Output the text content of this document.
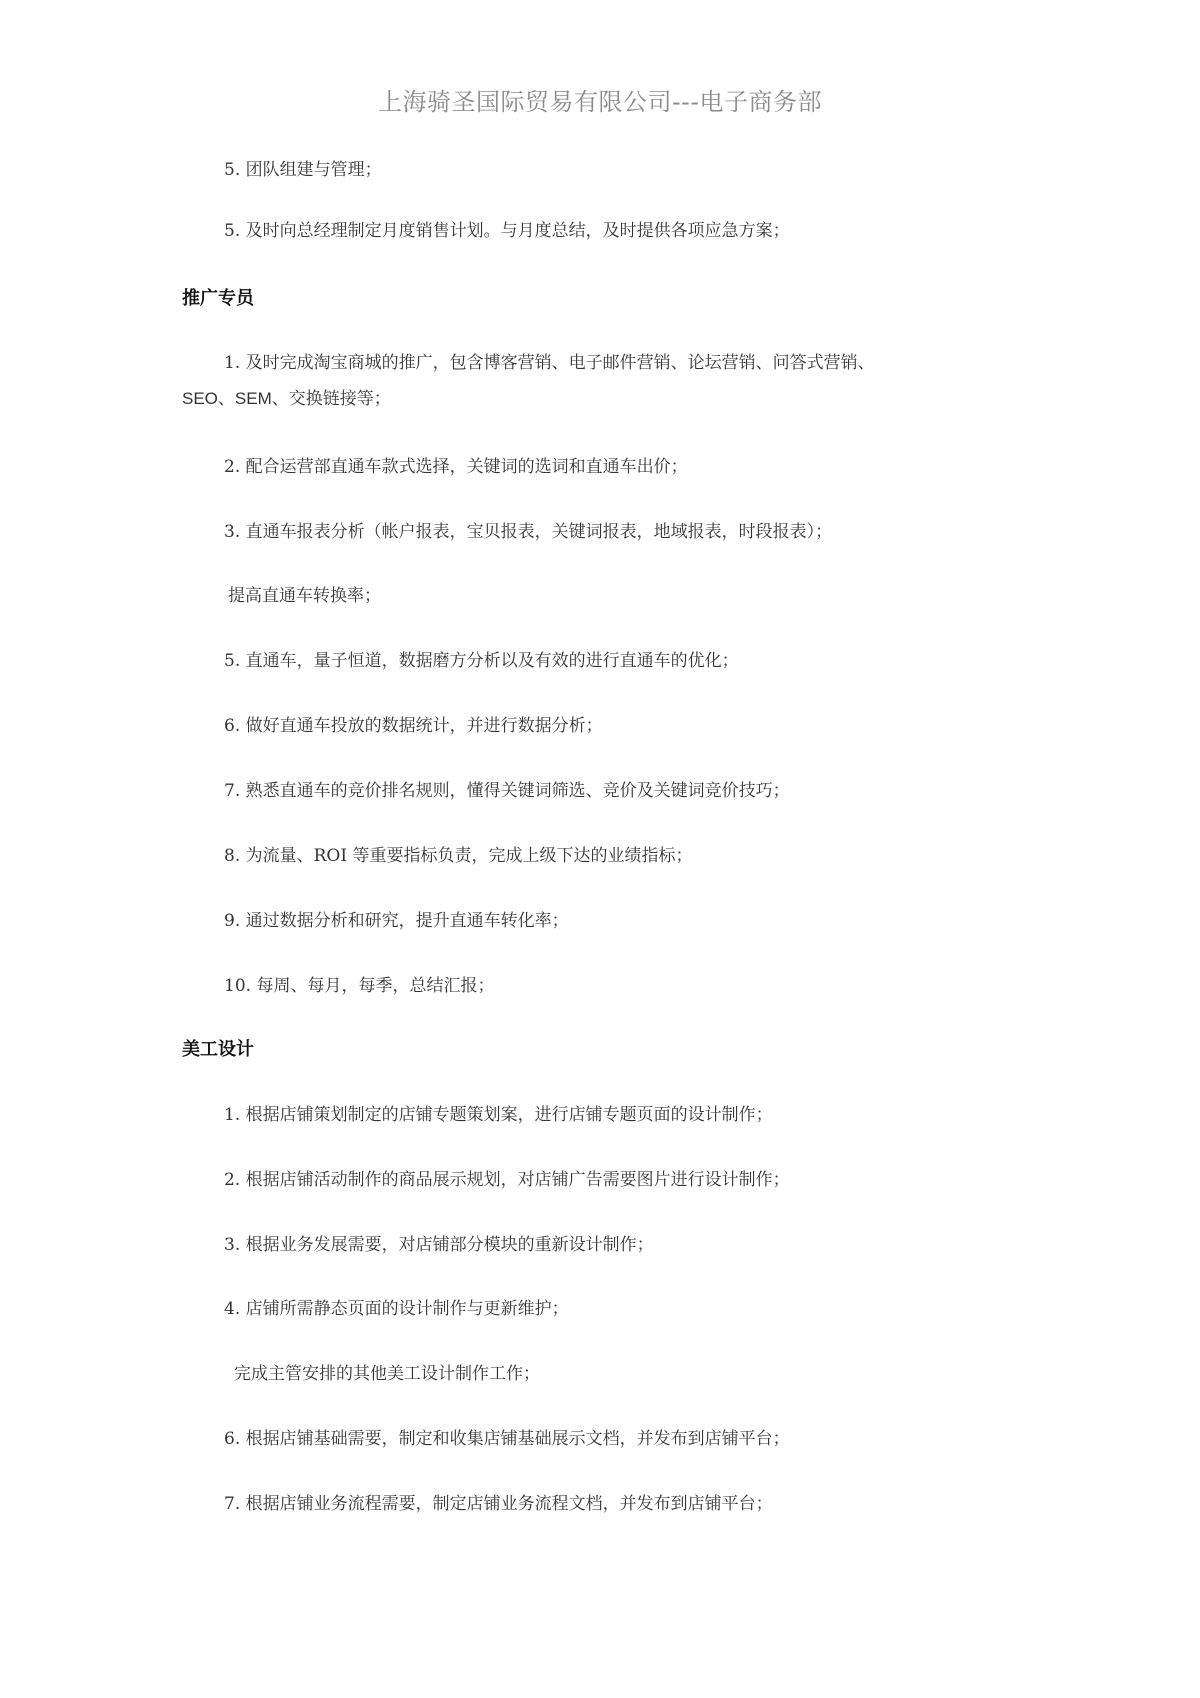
上海骑圣国际贸易有限公司---电子商务部
5. 团队组建与管理；
5. 及时向总经理制定月度销售计划。与月度总结，及时提供各项应急方案；
推广专员
1. 及时完成淘宝商城的推广，包含博客营销、电子邮件营销、论坛营销、问答式营销、
SEO、SEM、交换链接等；
2. 配合运营部直通车款式选择，关键词的选词和直通车出价；
3. 直通车报表分析（帐户报表，宝贝报表，关键词报表，地域报表，时段报表）；
提高直通车转换率；
5. 直通车，量子恒道，数据磨方分析以及有效的进行直通车的优化；
6. 做好直通车投放的数据统计，并进行数据分析；
7. 熟悉直通车的竞价排名规则，懂得关键词筛选、竞价及关键词竞价技巧；
8. 为流量、ROI 等重要指标负责，完成上级下达的业绩指标；
9. 通过数据分析和研究，提升直通车转化率；
10. 每周、每月，每季，总结汇报；
美工设计
1. 根据店铺策划制定的店铺专题策划案，进行店铺专题页面的设计制作；
2. 根据店铺活动制作的商品展示规划，对店铺广告需要图片进行设计制作；
3. 根据业务发展需要，对店铺部分模块的重新设计制作；
4. 店铺所需静态页面的设计制作与更新维护；
完成主管安排的其他美工设计制作工作；
6. 根据店铺基础需要，制定和收集店铺基础展示文档，并发布到店铺平台；
7. 根据店铺业务流程需要，制定店铺业务流程文档，并发布到店铺平台；
